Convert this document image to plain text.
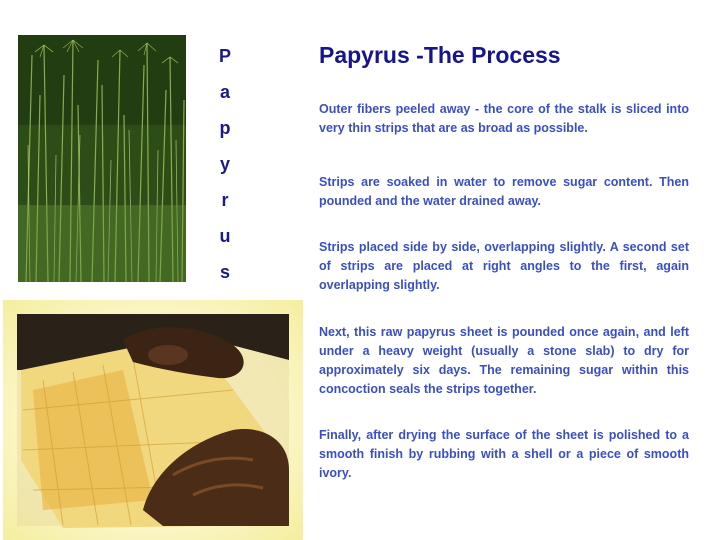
P
a
p
y
r
u
s
Papyrus -The Process

Outer fibers peeled away - the core of the stalk is sliced into very thin strips that are as broad as possible.

Strips are soaked in water to remove sugar content. Then pounded and the water drained away.

Strips placed side by side, overlapping slightly. A second set of strips are placed at right angles to the first, again overlapping slightly.

Next, this raw papyrus sheet is pounded once again, and left under a heavy weight (usually a stone slab) to dry for approximately six days. The remaining sugar within this concoction seals the strips together.

Finally, after drying the surface of the sheet is polished to a smooth finish by rubbing with a shell or a piece of smooth ivory.
